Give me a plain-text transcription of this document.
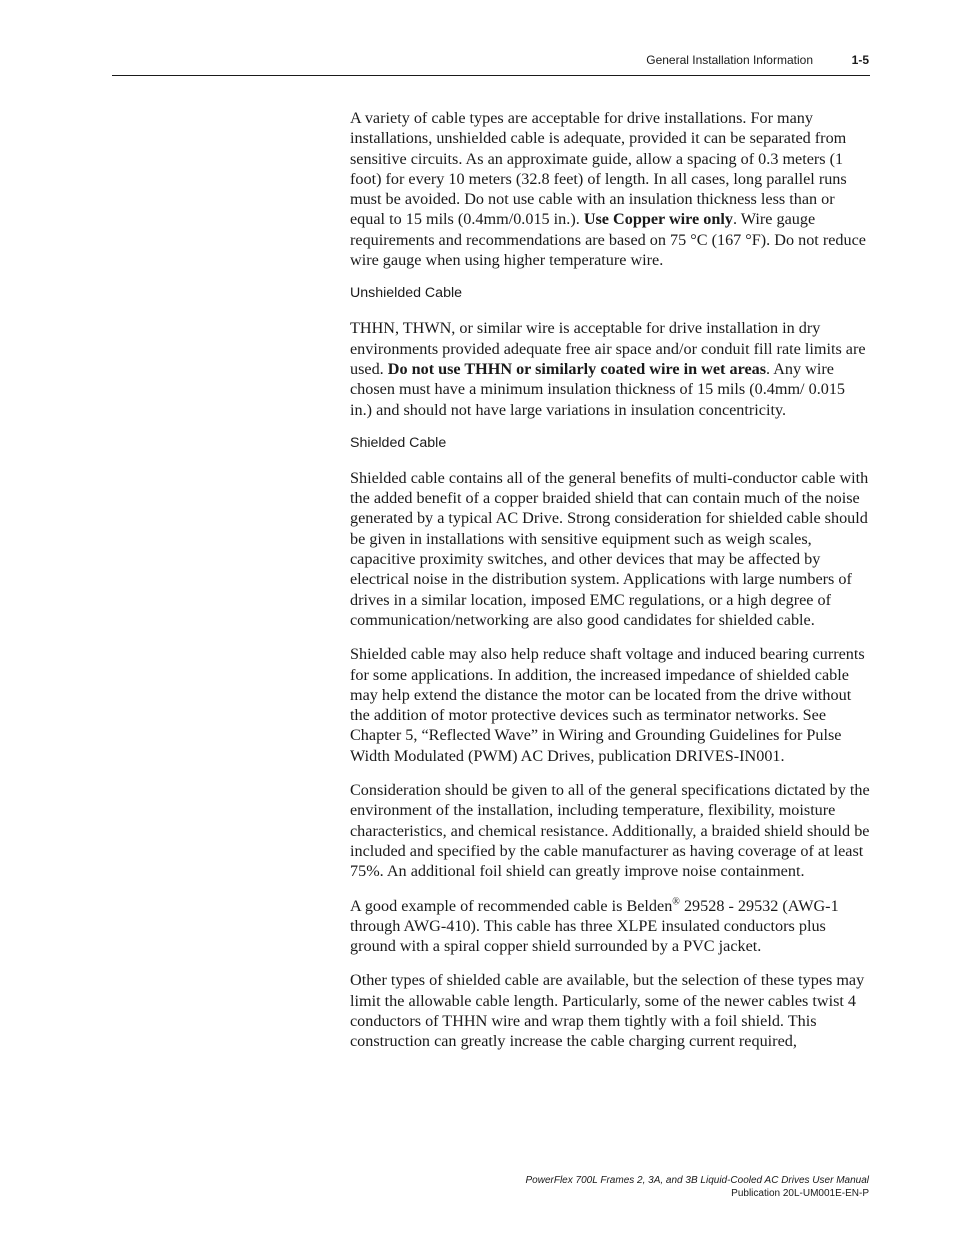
General Installation Information	1-5

A variety of cable types are acceptable for drive installations. For many installations, unshielded cable is adequate, provided it can be separated from sensitive circuits. As an approximate guide, allow a spacing of 0.3 meters (1 foot) for every 10 meters (32.8 feet) of length. In all cases, long parallel runs must be avoided. Do not use cable with an insulation thickness less than or equal to 15 mils (0.4mm/0.015 in.). Use Copper wire only. Wire gauge requirements and recommendations are based on 75 °C (167 °F). Do not reduce wire gauge when using higher temperature wire.

Unshielded Cable

THHN, THWN, or similar wire is acceptable for drive installation in dry environments provided adequate free air space and/or conduit fill rate limits are used. Do not use THHN or similarly coated wire in wet areas. Any wire chosen must have a minimum insulation thickness of 15 mils (0.4mm/ 0.015 in.) and should not have large variations in insulation concentricity.

Shielded Cable

Shielded cable contains all of the general benefits of multi-conductor cable with the added benefit of a copper braided shield that can contain much of the noise generated by a typical AC Drive. Strong consideration for shielded cable should be given in installations with sensitive equipment such as weigh scales, capacitive proximity switches, and other devices that may be affected by electrical noise in the distribution system. Applications with large numbers of drives in a similar location, imposed EMC regulations, or a high degree of communication/networking are also good candidates for shielded cable.

Shielded cable may also help reduce shaft voltage and induced bearing currents for some applications. In addition, the increased impedance of shielded cable may help extend the distance the motor can be located from the drive without the addition of motor protective devices such as terminator networks. See Chapter 5, “Reflected Wave” in Wiring and Grounding Guidelines for Pulse Width Modulated (PWM) AC Drives, publication DRIVES-IN001.

Consideration should be given to all of the general specifications dictated by the environment of the installation, including temperature, flexibility, moisture characteristics, and chemical resistance. Additionally, a braided shield should be included and specified by the cable manufacturer as having coverage of at least 75%. An additional foil shield can greatly improve noise containment.

A good example of recommended cable is Belden® 29528 - 29532 (AWG-1 through AWG-410). This cable has three XLPE insulated conductors plus ground with a spiral copper shield surrounded by a PVC jacket.

Other types of shielded cable are available, but the selection of these types may limit the allowable cable length. Particularly, some of the newer cables twist 4 conductors of THHN wire and wrap them tightly with a foil shield. This construction can greatly increase the cable charging current required,

PowerFlex 700L Frames 2, 3A, and 3B Liquid-Cooled AC Drives User Manual
Publication 20L-UM001E-EN-P
